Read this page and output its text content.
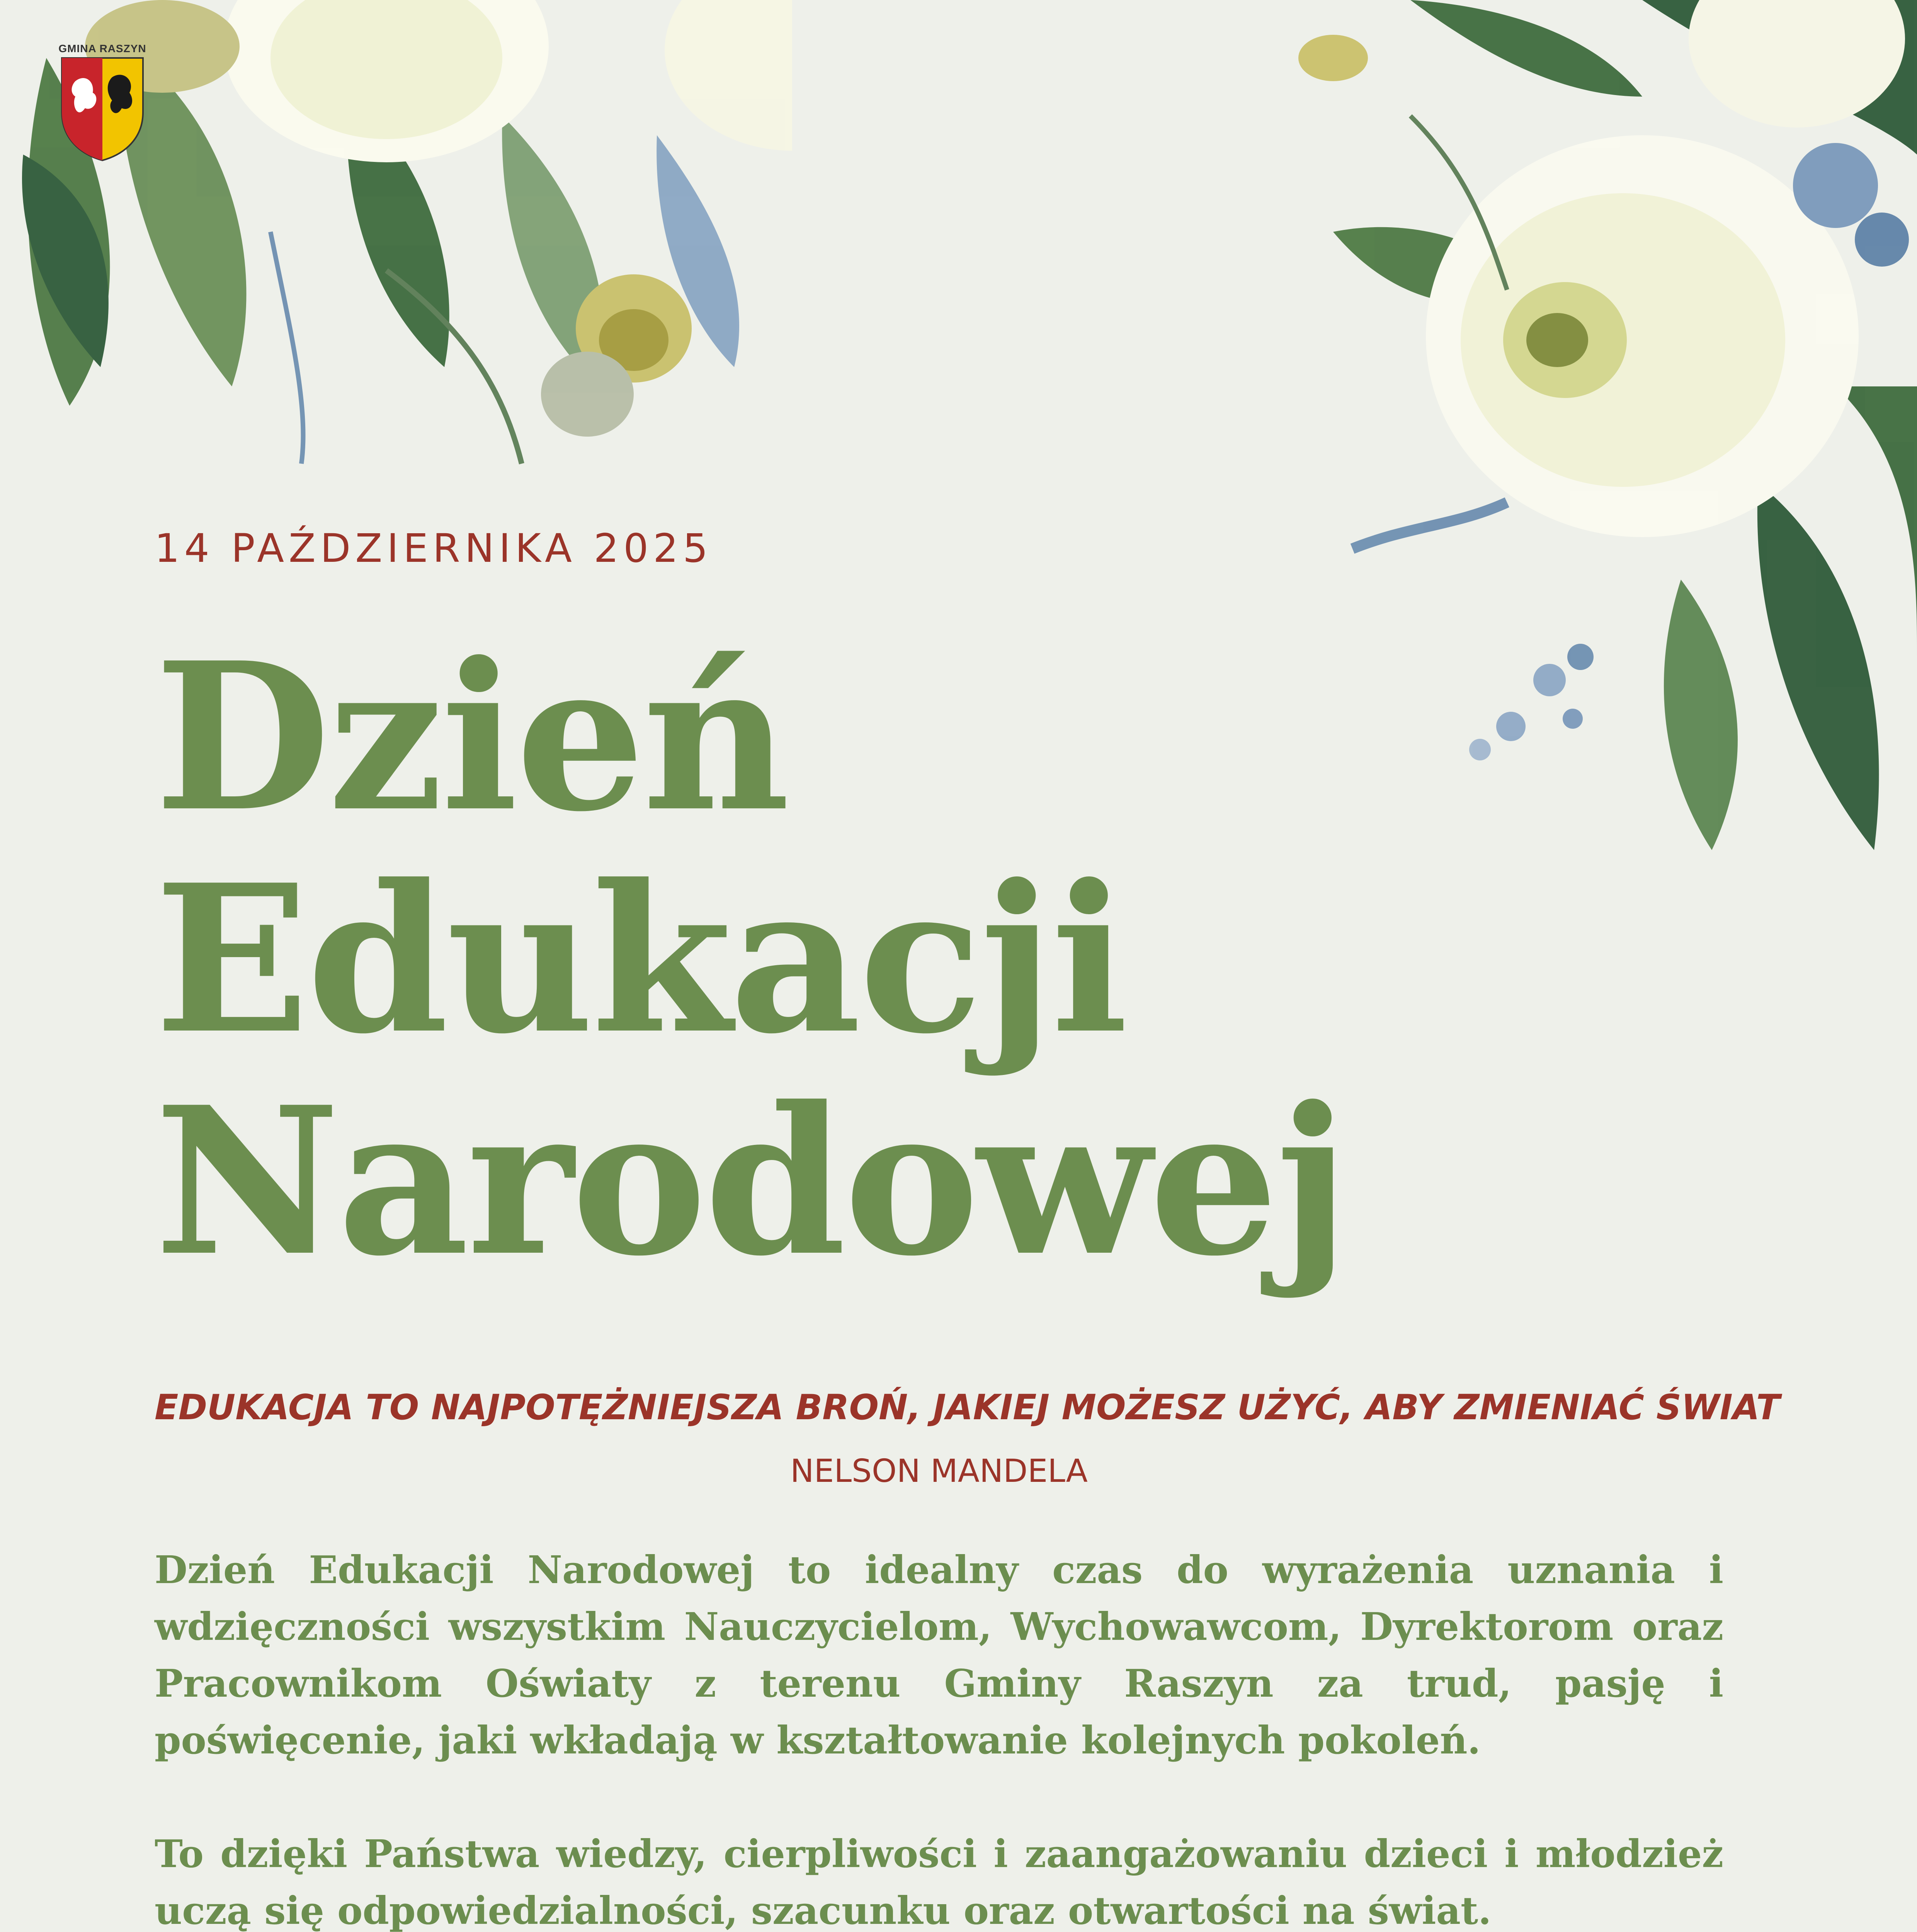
GMINA RASZYN
14 PAŹDZIERNIKA 2025
Dzień
Edukacji
Narodowej
EDUKACJA TO NAJPOTĘŻNIEJSZA BROŃ, JAKIEJ MOŻESZ UŻYĆ, ABY ZMIENIAĆ ŚWIAT
NELSON MANDELA

Dzień Edukacji Narodowej to idealny czas do wyrażenia uznania i wdzięczności wszystkim Nauczycielom, Wychowawcom, Dyrektorom oraz Pracownikom Oświaty z terenu Gminy Raszyn za trud, pasję i poświęcenie, jaki wkładają w kształtowanie kolejnych pokoleń.

To dzięki Państwa wiedzy, cierpliwości i zaangażowaniu dzieci i młodzież uczą się odpowiedzialności, szacunku oraz otwartości na świat.
